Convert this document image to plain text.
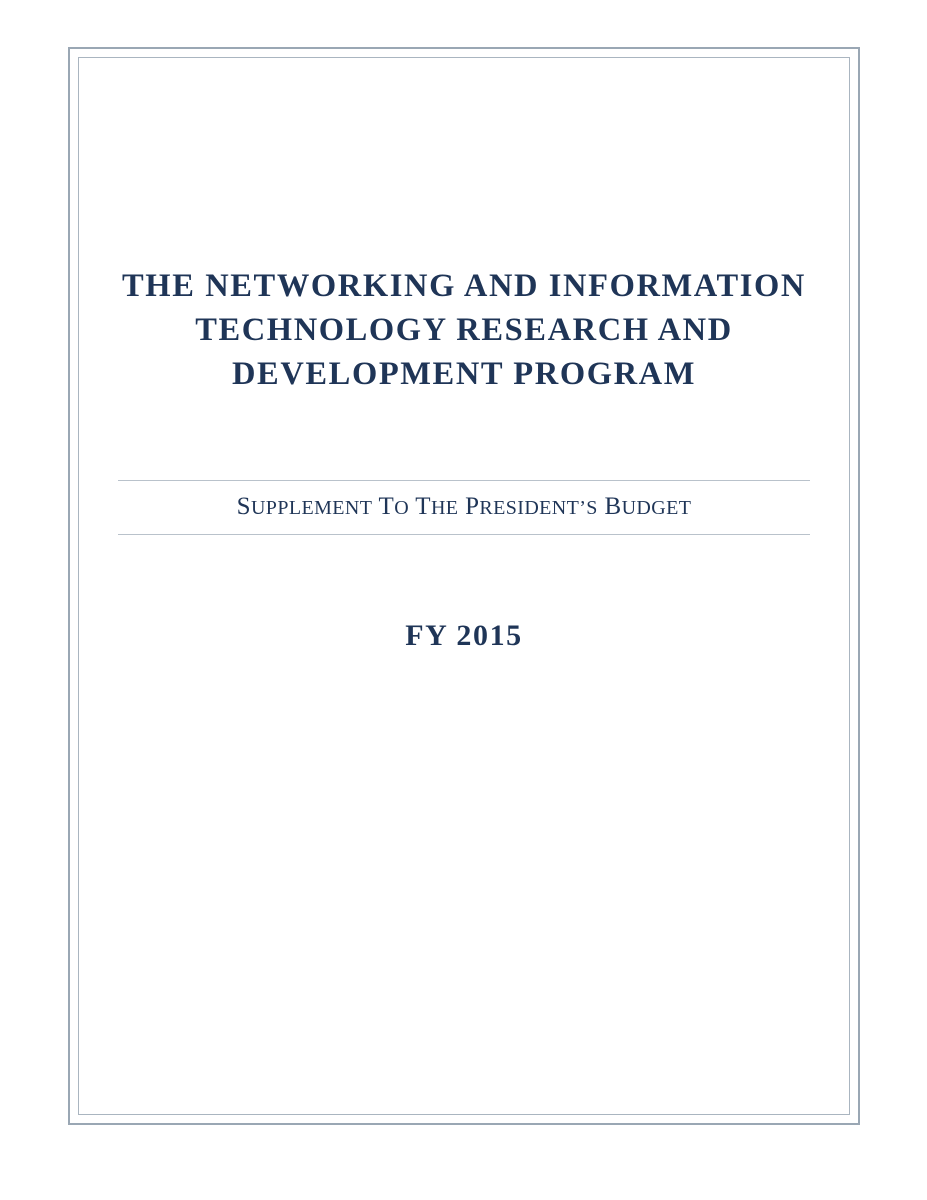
THE NETWORKING AND INFORMATION TECHNOLOGY RESEARCH AND DEVELOPMENT PROGRAM
SUPPLEMENT TO THE PRESIDENT’S BUDGET
FY 2015
